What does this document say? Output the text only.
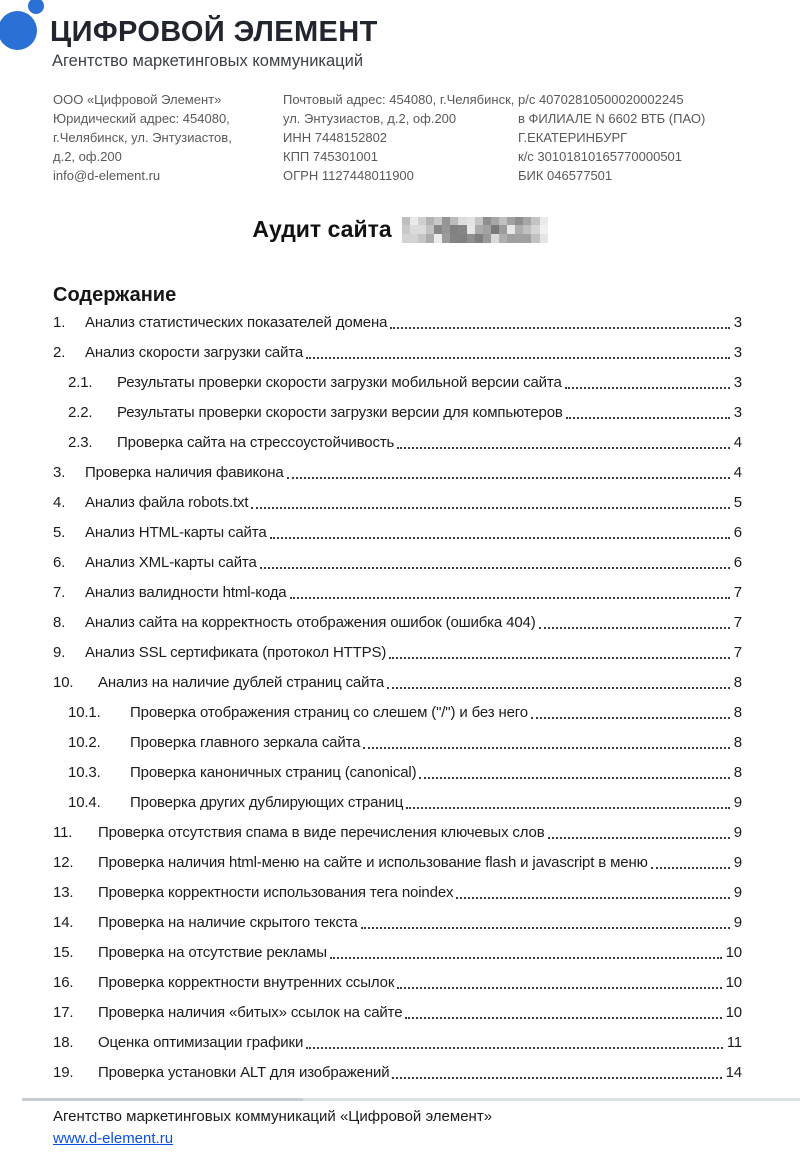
ЦИФРОВОЙ ЭЛЕМЕНТ
Агентство маркетинговых коммуникаций
ООО «Цифровой Элемент»
Юридический адрес: 454080,
г.Челябинск, ул. Энтузиастов,
д.2, оф.200
info@d-element.ru
Почтовый адрес: 454080, г.Челябинск,
ул. Энтузиастов, д.2, оф.200
ИНН 7448152802
КПП 745301001
ОГРН 1127448011900
р/с 40702810500020002245
в ФИЛИАЛЕ N 6602 ВТБ (ПАО)
Г.ЕКАТЕРИНБУРГ
к/с 30101810165770000501
БИК 046577501
Аудит сайта
Содержание
1.	Анализ статистических показателей домена	3
2.	Анализ скорости загрузки сайта	3
2.1.	Результаты проверки скорости загрузки мобильной версии сайта	3
2.2.	Результаты проверки скорости загрузки версии для компьютеров	3
2.3.	Проверка сайта на стрессоустойчивость	4
3.	Проверка наличия фавикона	4
4.	Анализ файла robots.txt	5
5.	Анализ HTML-карты сайта	6
6.	Анализ XML-карты сайта	6
7.	Анализ валидности html-кода	7
8.	Анализ сайта на корректность отображения ошибок (ошибка 404)	7
9.	Анализ SSL сертификата (протокол HTTPS)	7
10.	Анализ на наличие дублей страниц сайта	8
10.1.	Проверка отображения страниц со слешем ("/") и без него	8
10.2.	Проверка главного зеркала сайта	8
10.3.	Проверка каноничных страниц (canonical)	8
10.4.	Проверка других дублирующих страниц	9
11.	Проверка отсутствия спама в виде перечисления ключевых слов	9
12.	Проверка наличия html-меню на сайте и использование flash и javascript в меню	9
13.	Проверка корректности использования тега noindex	9
14.	Проверка на наличие скрытого текста	9
15.	Проверка на отсутствие рекламы	10
16.	Проверка корректности внутренних ссылок	10
17.	Проверка наличия «битых» ссылок на сайте	10
18.	Оценка оптимизации графики	11
19.	Проверка установки ALT для изображений	14
Агентство маркетинговых коммуникаций «Цифровой элемент»
www.d-element.ru
